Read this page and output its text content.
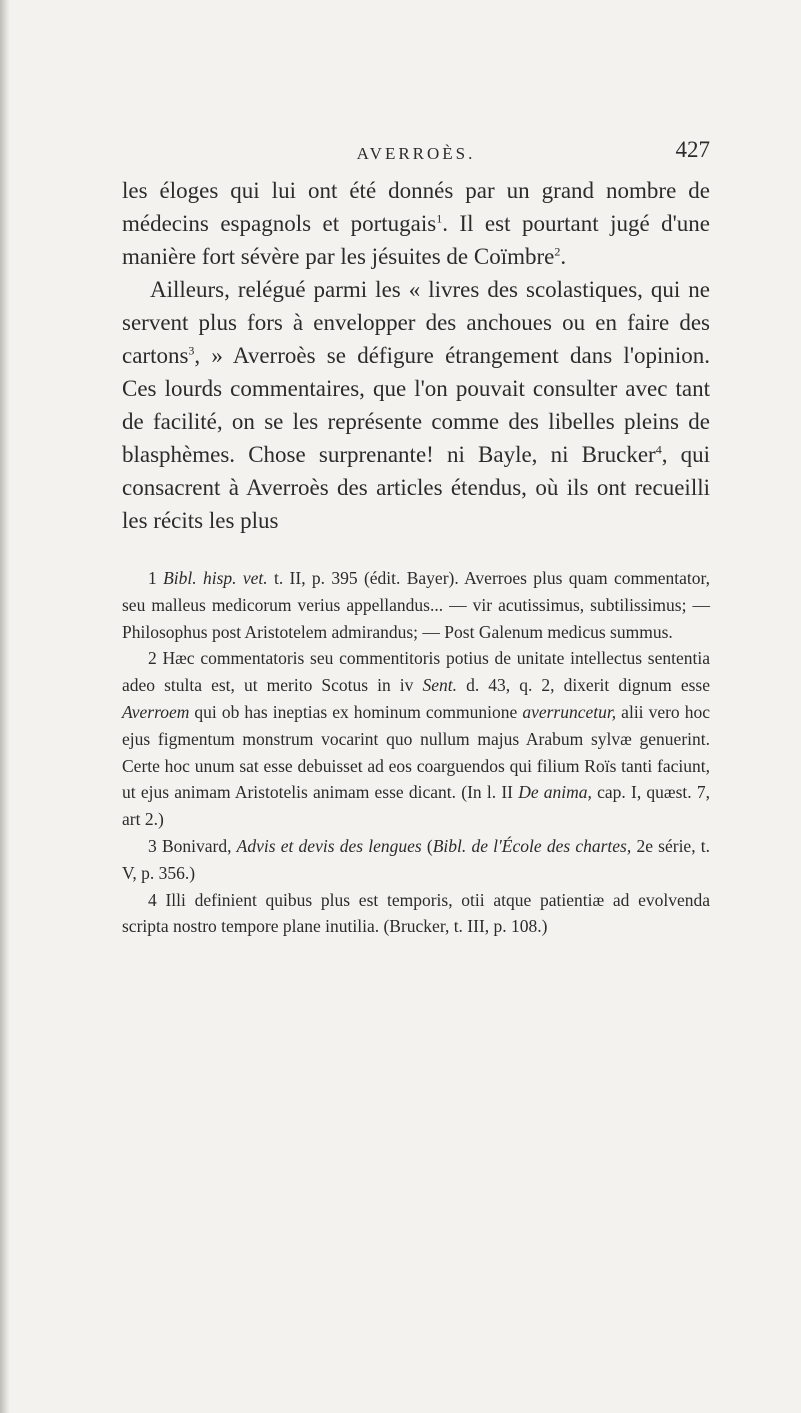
AVERROÈS.	427

les éloges qui lui ont été donnés par un grand nombre de médecins espagnols et portugais$^1$. Il est pourtant jugé d'une manière fort sévère par les jésuites de Coïmbre$^2$.

Ailleurs, relégué parmi les « livres des scolastiques, qui ne servent plus fors à envelopper des anchoues ou en faire des cartons$^3$, » Averroès se défigure étrangement dans l'opinion. Ces lourds commentaires, que l'on pouvait consulter avec tant de facilité, on se les représente comme des libelles pleins de blasphèmes. Chose surprenante! ni Bayle, ni Brucker$^4$, qui consacrent à Averroès des articles étendus, où ils ont recueilli les récits les plus

1 Bibl. hisp. vet. t. II, p. 395 (édit. Bayer). Averroes plus quam commentator, seu malleus medicorum verius appellandus... — vir acutissimus, subtilissimus; — Philosophus post Aristotelem admirandus; — Post Galenum medicus summus.

2 Hæc commentatoris seu commentitoris potius de unitate intellectus sententia adeo stulta est, ut merito Scotus in iv Sent. d. 43, q. 2, dixerit dignum esse Averroem qui ob has ineptias ex hominum communione averruncetur, alii vero hoc ejus figmentum monstrum vocarint quo nullum majus Arabum sylvæ genuerint. Certe hoc unum sat esse debuisset ad eos coarguendos qui filium Roïs tanti faciunt, ut ejus animam Aristotelis animam esse dicant. (In l. II De anima, cap. I, quæst. 7, art 2.)

3 Bonivard, Advis et devis des lengues (Bibl. de l'École des chartes, 2e série, t. V, p. 356.)

4 Illi definient quibus plus est temporis, otii atque patientiæ ad evolvenda scripta nostro tempore plane inutilia. (Brucker, t. III, p. 108.)
